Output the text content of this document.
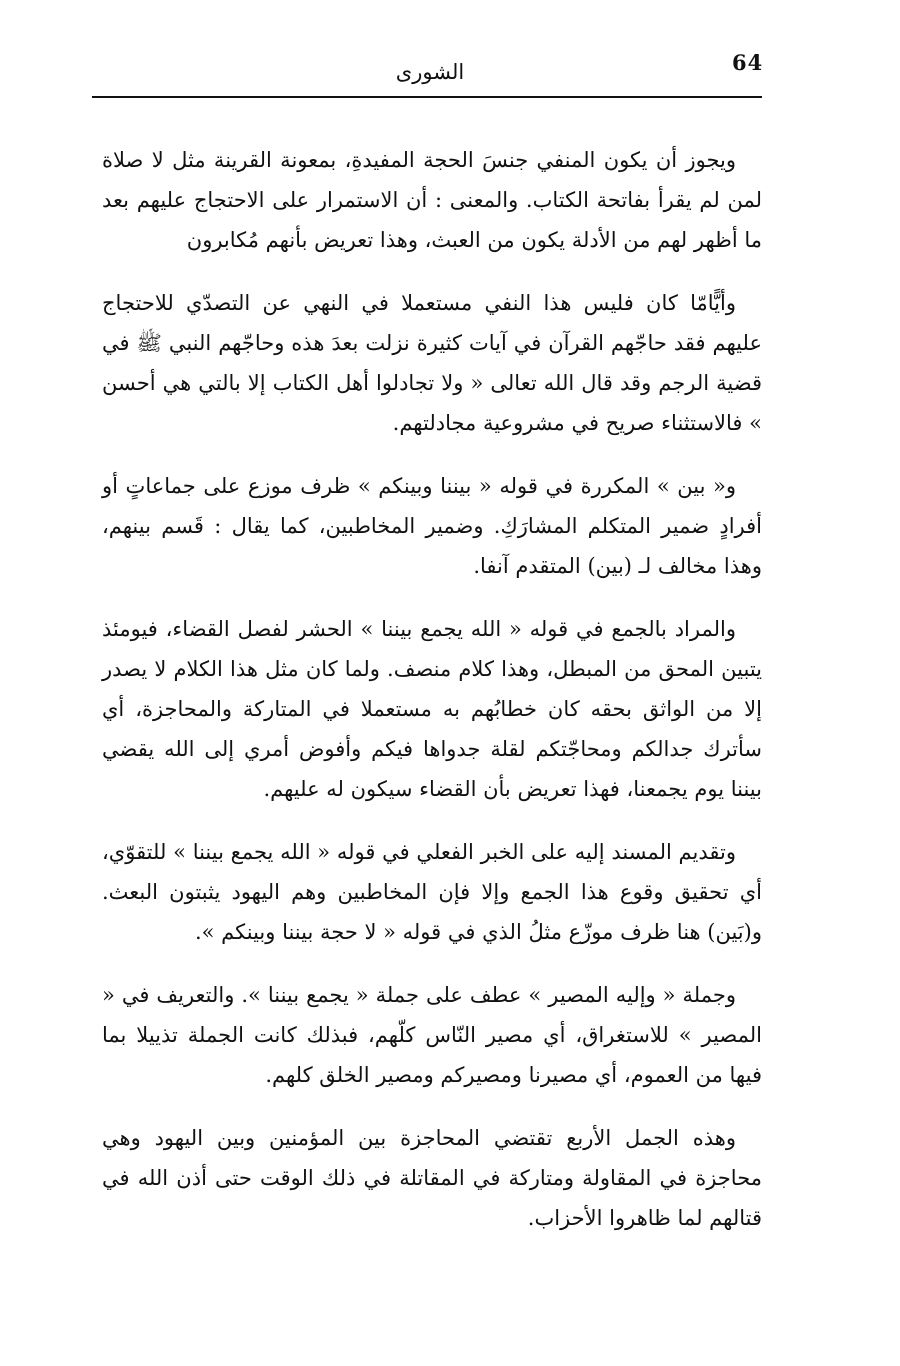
64
الشورى

ويجوز أن يكون المنفي جنسَ الحجة المفيدةِ، بمعونة القرينة مثل لا صلاة لمن لم يقرأ بفاتحة الكتاب. والمعنى : أن الاستمرار على الاحتجاج عليهم بعد ما أظهر لهم من الأدلة يكون من العبث، وهذا تعريض بأنهم مُكابرون

وأيًّامّا كان فليس هذا النفي مستعملا في النهي عن التصدّي للاحتجاج عليهم فقد حاجّهم القرآن في آيات كثيرة نزلت بعدَ هذه وحاجّهم النبي ﷺ في قضية الرجم وقد قال الله تعالى « ولا تجادلوا أهل الكتاب إلا بالتي هي أحسن » فالاستثناء صريح في مشروعية مجادلتهم.

و« بين » المكررة في قوله « بيننا وبينكم » ظرف موزع على جماعاتٍ أو أفرادٍ ضمير المتكلم المشارَكِ. وضمير المخاطبين، كما يقال : قَسم بينهم، وهذا مخالف لـ (بين) المتقدم آنفا.

والمراد بالجمع في قوله « الله يجمع بيننا » الحشر لفصل القضاء، فيومئذ يتبين المحق من المبطل، وهذا كلام منصف. ولما كان مثل هذا الكلام لا يصدر إلا من الواثق بحقه كان خطابُهم به مستعملا في المتاركة والمحاجزة، أي سأترك جدالكم ومحاجّتكم لقلة جدواها فيكم وأفوض أمري إلى الله يقضي بيننا يوم يجمعنا، فهذا تعريض بأن القضاء سيكون له عليهم.

وتقديم المسند إليه على الخبر الفعلي في قوله « الله يجمع بيننا » للتقوّي، أي تحقيق وقوع هذا الجمع وإلا فإن المخاطبين وهم اليهود يثبتون البعث. و(بَين) هنا ظرف موزّع مثلُ الذي في قوله « لا حجة بيننا وبينكم ».

وجملة « وإليه المصير » عطف على جملة « يجمع بيننا ». والتعريف في « المصير » للاستغراق، أي مصير النّاس كلّهم، فبذلك كانت الجملة تذييلا بما فيها من العموم، أي مصيرنا ومصيركم ومصير الخلق كلهم.

وهذه الجمل الأربع تقتضي المحاجزة بين المؤمنين وبين اليهود وهي محاجزة في المقاولة ومتاركة في المقاتلة في ذلك الوقت حتى أذن الله في قتالهم لما ظاهروا الأحزاب.
